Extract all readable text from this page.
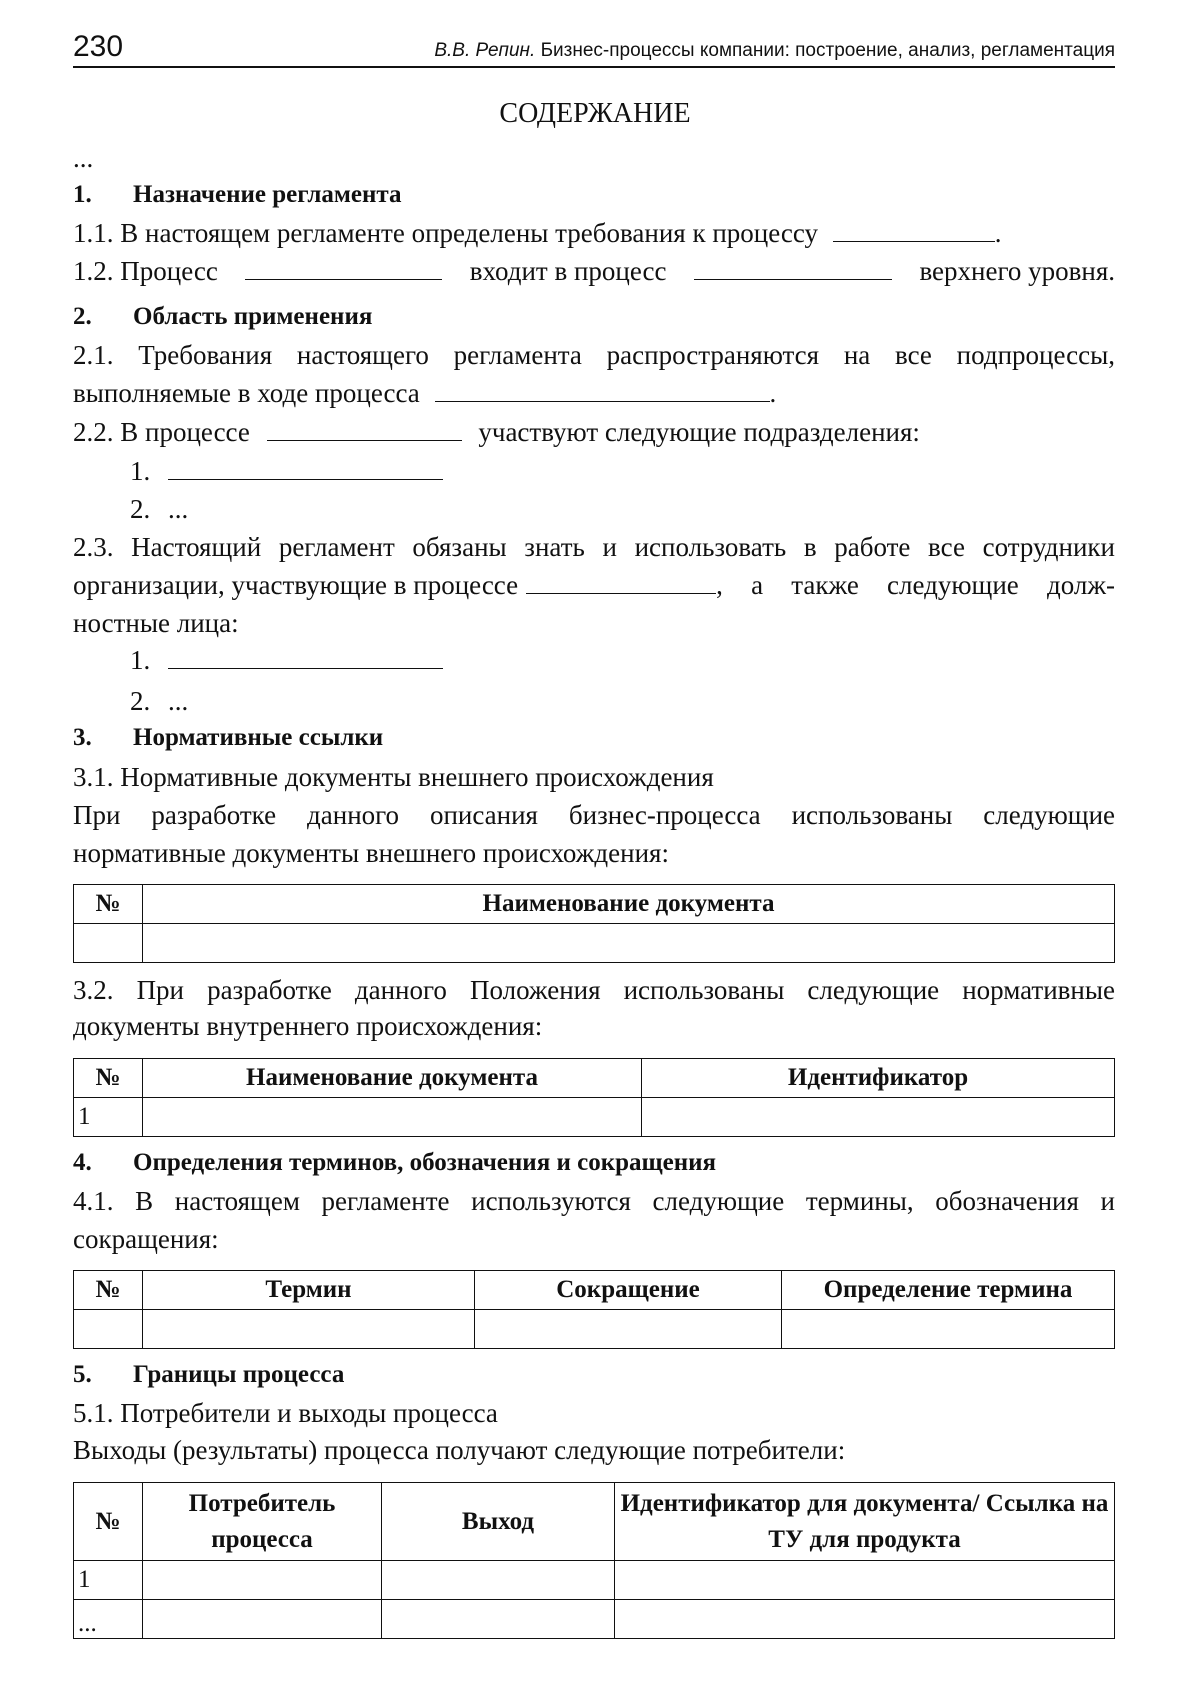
230	В.В. Репин. Бизнес-процессы компании: построение, анализ, регламентация
СОДЕРЖАНИЕ
...
1. Назначение регламента
1.1. В настоящем регламенте определены требования к процессу	.
1.2. Процесс	входит в процесс	верхнего уровня.
2. Область применения
2.1. Требования настоящего регламента распространяются на все подпроцессы,
выполняемые в ходе процесса	.
2.2. В процессе	участвуют следующие подразделения:
1.
2. ...
2.3. Настоящий регламент обязаны знать и использовать в работе все сотрудники
организации, участвующие в процессе	, а также следующие долж-
ностные лица:
1.
2. ...
3. Нормативные ссылки
3.1. Нормативные документы внешнего происхождения
При разработке данного описания бизнес-процесса использованы следующие
нормативные документы внешнего происхождения:
№	Наименование документа

3.2. При разработке данного Положения использованы следующие нормативные
документы внутреннего происхождения:
№	Наименование документа	Идентификатор
1		
4. Определения терминов, обозначения и сокращения
4.1. В настоящем регламенте используются следующие термины, обозначения и
сокращения:
№	Термин	Сокращение	Определение термина

5. Границы процесса
5.1. Потребители и выходы процесса
Выходы (результаты) процесса получают следующие потребители:
№	Потребитель процесса	Выход	Идентификатор для документа/ Ссылка на ТУ для продукта
1			
...			
